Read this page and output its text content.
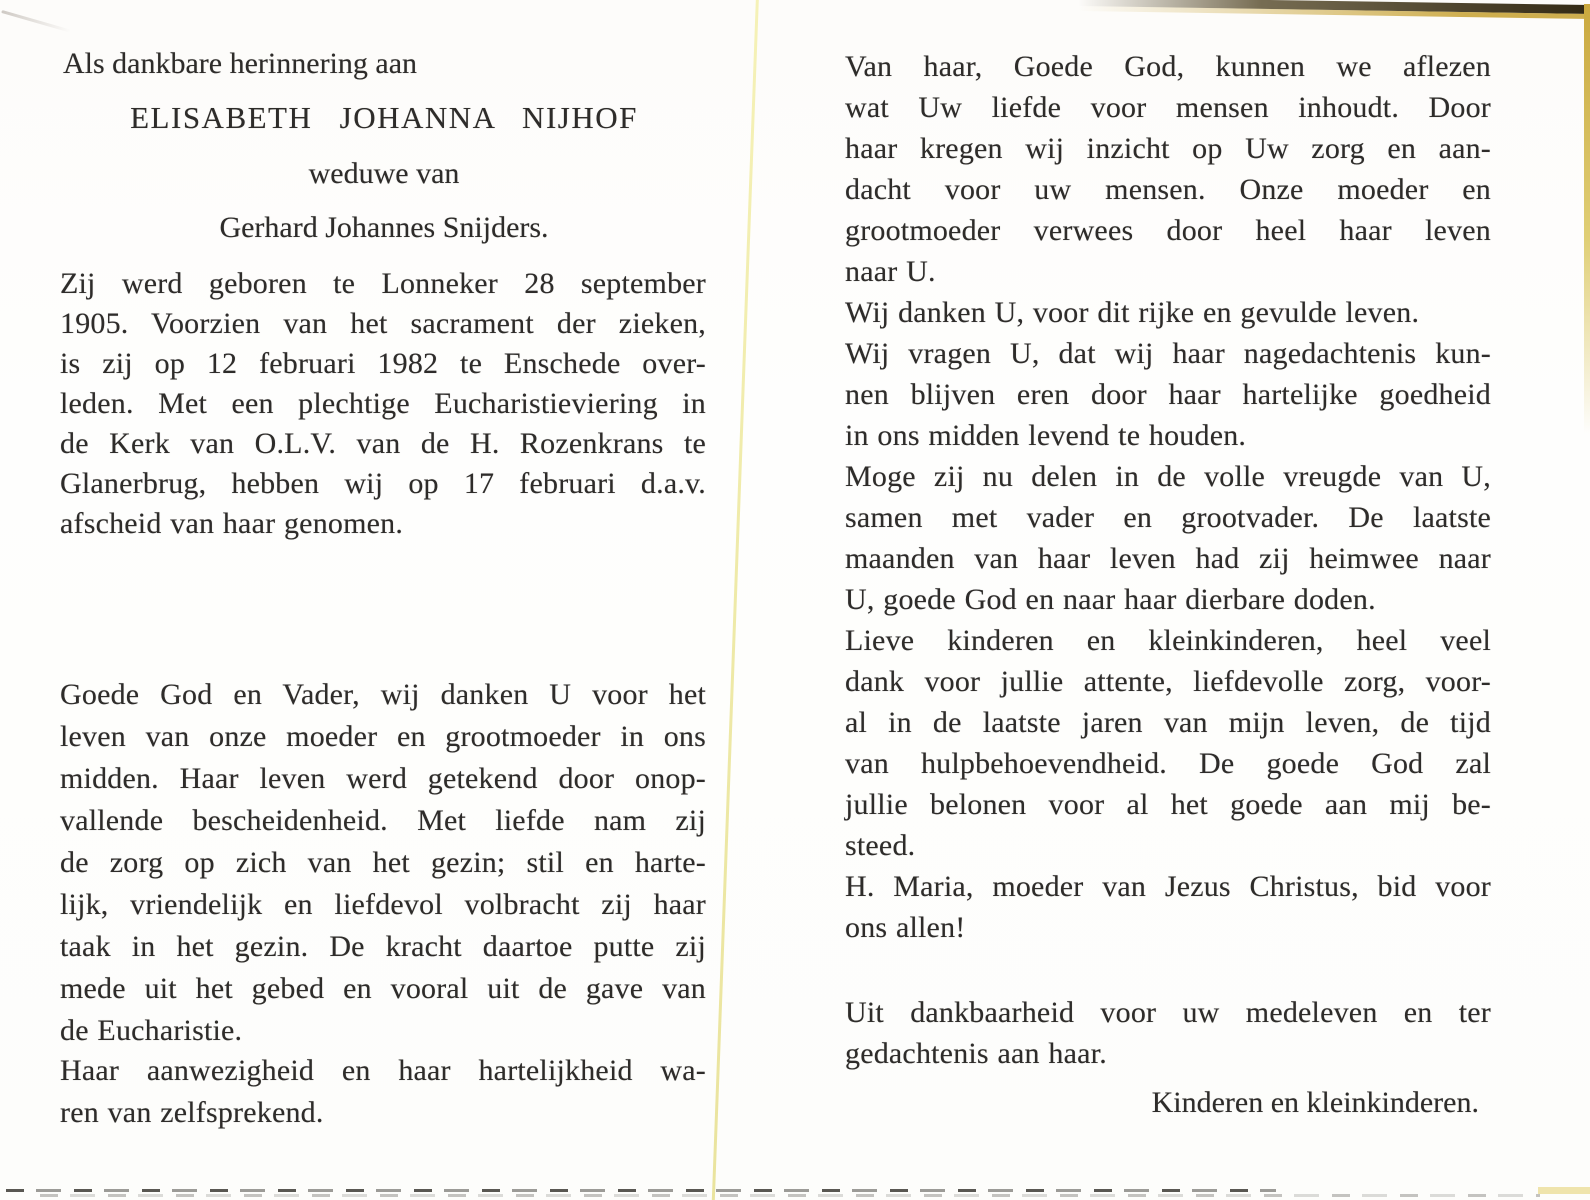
Als dankbare herinnering aan
ELISABETH JOHANNA NIJHOF
weduwe van
Gerhard Johannes Snijders.
Zij werd geboren te Lonneker 28 september
1905. Voorzien van het sacrament der zieken,
is zij op 12 februari 1982 te Enschede over-
leden. Met een plechtige Eucharistieviering in
de Kerk van O.L.V. van de H. Rozenkrans te
Glanerbrug, hebben wij op 17 februari d.a.v.
afscheid van haar genomen.
Goede God en Vader, wij danken U voor het
leven van onze moeder en grootmoeder in ons
midden. Haar leven werd getekend door onop-
vallende bescheidenheid. Met liefde nam zij
de zorg op zich van het gezin; stil en harte-
lijk, vriendelijk en liefdevol volbracht zij haar
taak in het gezin. De kracht daartoe putte zij
mede uit het gebed en vooral uit de gave van
de Eucharistie.
Haar aanwezigheid en haar hartelijkheid wa-
ren van zelfsprekend.
Van haar, Goede God, kunnen we aflezen
wat Uw liefde voor mensen inhoudt. Door
haar kregen wij inzicht op Uw zorg en aan-
dacht voor uw mensen. Onze moeder en
grootmoeder verwees door heel haar leven
naar U.
Wij danken U, voor dit rijke en gevulde leven.
Wij vragen U, dat wij haar nagedachtenis kun-
nen blijven eren door haar hartelijke goedheid
in ons midden levend te houden.
Moge zij nu delen in de volle vreugde van U,
samen met vader en grootvader. De laatste
maanden van haar leven had zij heimwee naar
U, goede God en naar haar dierbare doden.
Lieve kinderen en kleinkinderen, heel veel
dank voor jullie attente, liefdevolle zorg, voor-
al in de laatste jaren van mijn leven, de tijd
van hulpbehoevendheid. De goede God zal
jullie belonen voor al het goede aan mij be-
steed.
H. Maria, moeder van Jezus Christus, bid voor
ons allen!
Uit dankbaarheid voor uw medeleven en ter
gedachtenis aan haar.
Kinderen en kleinkinderen.
